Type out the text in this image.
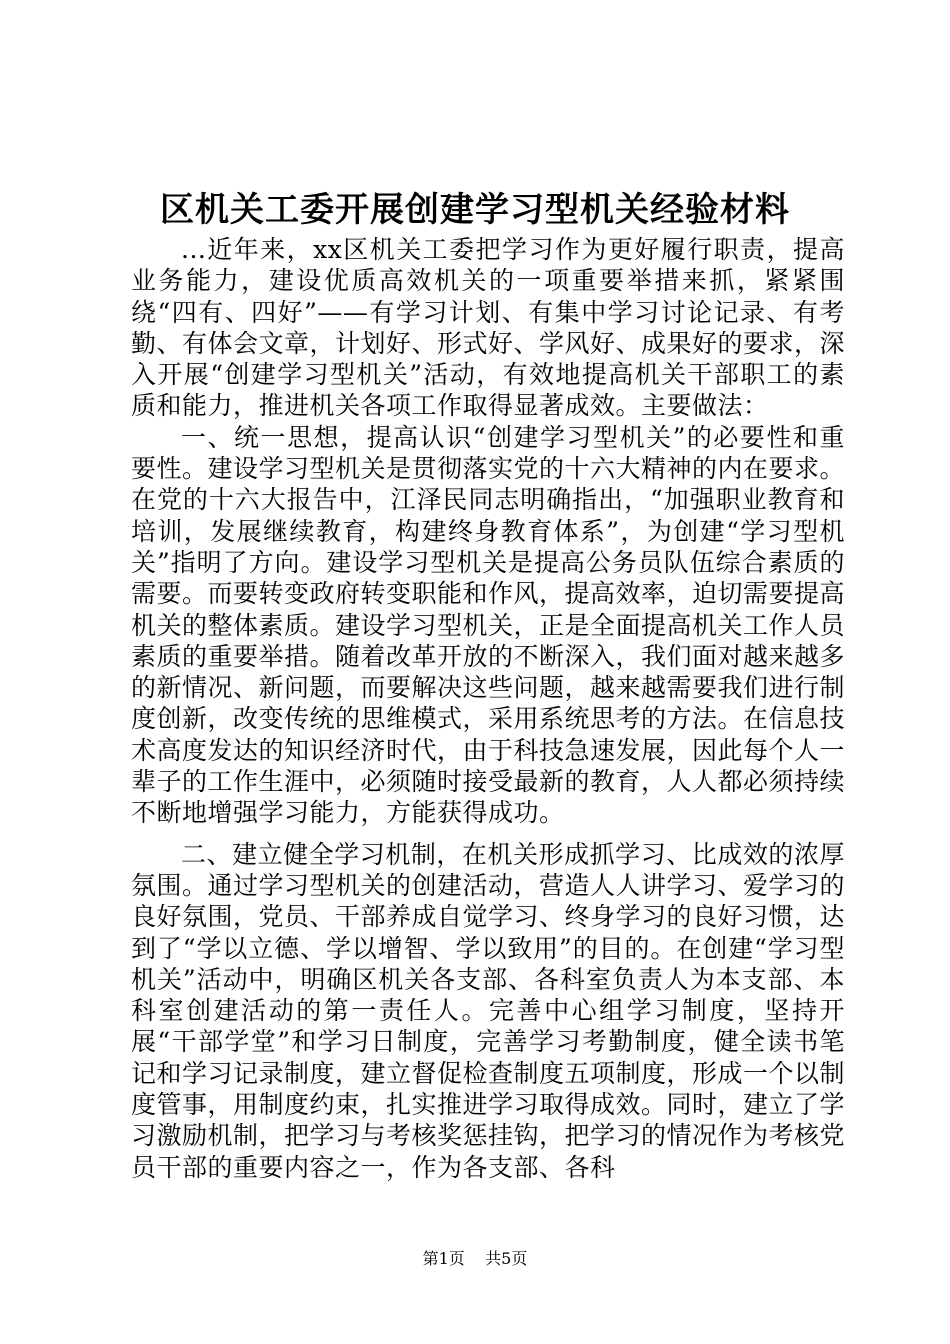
区机关工委开展创建学习型机关经验材料

...近年来，xx区机关工委把学习作为更好履行职责，提高业务能力，建设优质高效机关的一项重要举措来抓，紧紧围绕“四有、四好”——有学习计划、有集中学习讨论记录、有考勤、有体会文章，计划好、形式好、学风好、成果好的要求，深入开展“创建学习型机关”活动，有效地提高机关干部职工的素质和能力，推进机关各项工作取得显著成效。主要做法：

一、统一思想，提高认识“创建学习型机关”的必要性和重要性。建设学习型机关是贯彻落实党的十六大精神的内在要求。在党的十六大报告中，江泽民同志明确指出，“加强职业教育和培训，发展继续教育，构建终身教育体系”，为创建“学习型机关”指明了方向。建设学习型机关是提高公务员队伍综合素质的需要。而要转变政府转变职能和作风，提高效率，迫切需要提高机关的整体素质。建设学习型机关，正是全面提高机关工作人员素质的重要举措。随着改革开放的不断深入，我们面对越来越多的新情况、新问题，而要解决这些问题，越来越需要我们进行制度创新，改变传统的思维模式，采用系统思考的方法。在信息技术高度发达的知识经济时代，由于科技急速发展，因此每个人一辈子的工作生涯中，必须随时接受最新的教育，人人都必须持续不断地增强学习能力，方能获得成功。

二、建立健全学习机制，在机关形成抓学习、比成效的浓厚氛围。通过学习型机关的创建活动，营造人人讲学习、爱学习的良好氛围，党员、干部养成自觉学习、终身学习的良好习惯，达到了“学以立德、学以增智、学以致用”的目的。在创建“学习型机关”活动中，明确区机关各支部、各科室负责人为本支部、本科室创建活动的第一责任人。完善中心组学习制度，坚持开展“干部学堂”和学习日制度，完善学习考勤制度，健全读书笔记和学习记录制度，建立督促检查制度五项制度，形成一个以制度管事，用制度约束，扎实推进学习取得成效。同时，建立了学习激励机制，把学习与考核奖惩挂钩，把学习的情况作为考核党员干部的重要内容之一，作为各支部、各科

第1页 共5页
